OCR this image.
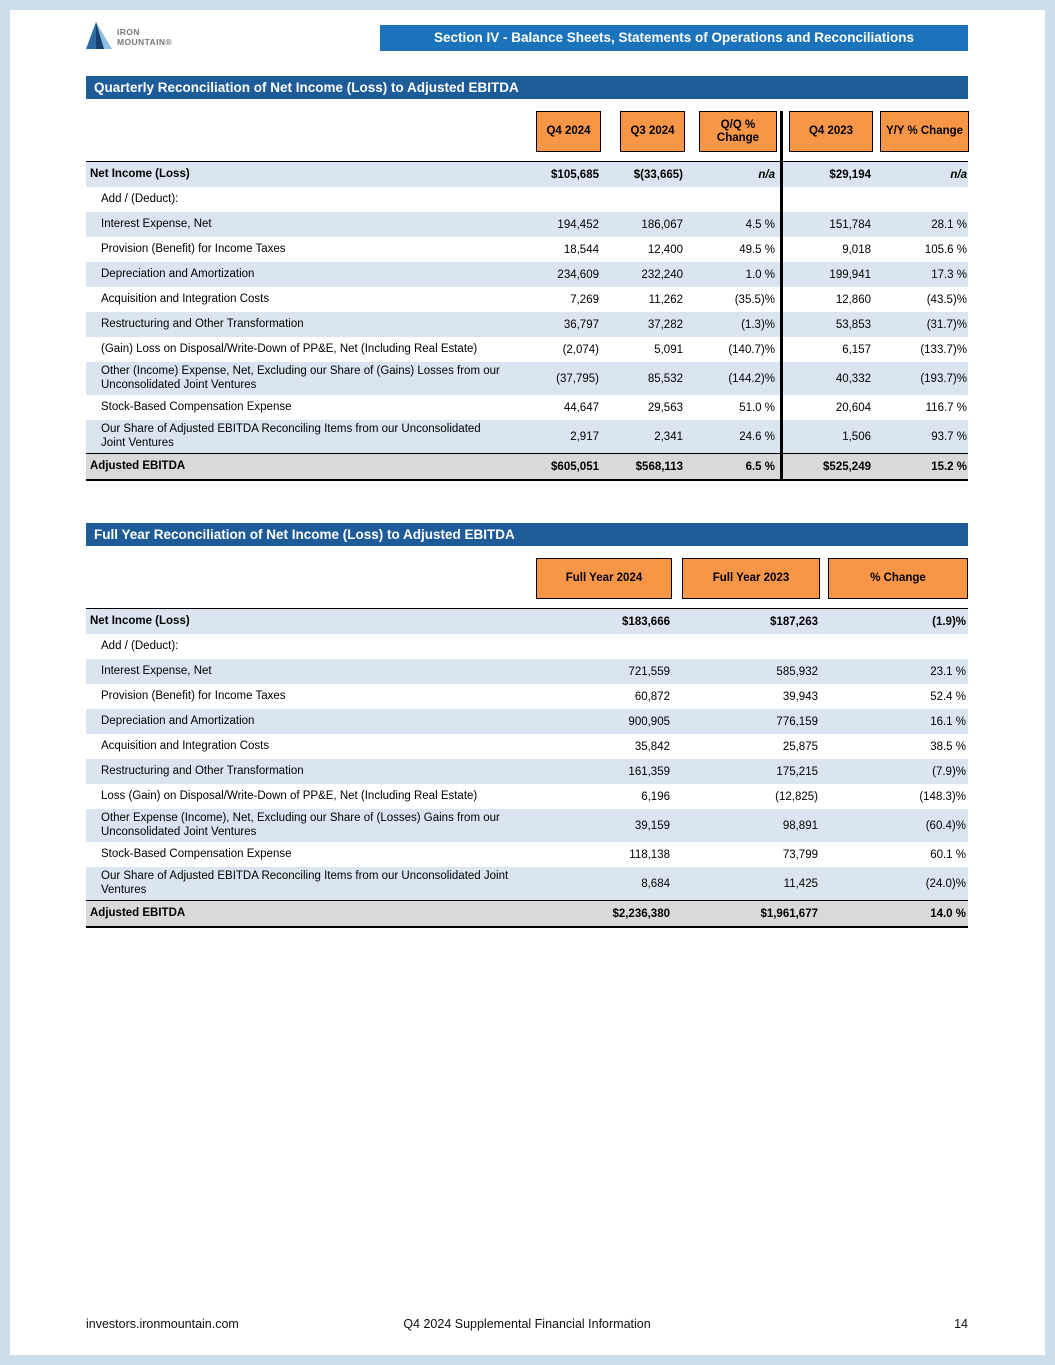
IRON
MOUNTAIN®	Section IV - Balance Sheets, Statements of Operations and Reconciliations
Quarterly Reconciliation of Net Income (Loss) to Adjusted EBITDA
Q4 2024	Q3 2024
Q/Q % Change
Q4 2023	Y/Y % Change
Net Income (Loss)	$105,685	$(33,665)	n/a	$29,194	n/a
Add / (Deduct):
Interest Expense, Net	194,452	186,067	4.5 %	151,784	28.1 %
Provision (Benefit) for Income Taxes	18,544	12,400	49.5 %	9,018	105.6 %
Depreciation and Amortization	234,609	232,240	1.0 %	199,941	17.3 %
Acquisition and Integration Costs	7,269	11,262	(35.5)%	12,860	(43.5)%
Restructuring and Other Transformation	36,797	37,282	(1.3)%	53,853	(31.7)%
(Gain) Loss on Disposal/Write-Down of PP&E, Net (Including Real Estate)	(2,074)	5,091	(140.7)%	6,157	(133.7)%
Other (Income) Expense, Net, Excluding our Share of (Gains) Losses from our Unconsolidated Joint Ventures	(37,795)	85,532	(144.2)%	40,332	(193.7)%
Stock-Based Compensation Expense	44,647	29,563	51.0 %	20,604	116.7 %
Our Share of Adjusted EBITDA Reconciling Items from our Unconsolidated Joint Ventures	2,917	2,341	24.6 %	1,506	93.7 %
Adjusted EBITDA	$605,051	$568,113	6.5 %	$525,249	15.2 %
Full Year Reconciliation of Net Income (Loss) to Adjusted EBITDA
Full Year 2024	Full Year 2023	% Change
Net Income (Loss)	$183,666	$187,263	(1.9)%
Add / (Deduct):
Interest Expense, Net	721,559	585,932	23.1 %
Provision (Benefit) for Income Taxes	60,872	39,943	52.4 %
Depreciation and Amortization	900,905	776,159	16.1 %
Acquisition and Integration Costs	35,842	25,875	38.5 %
Restructuring and Other Transformation	161,359	175,215	(7.9)%
Loss (Gain) on Disposal/Write-Down of PP&E, Net (Including Real Estate)	6,196	(12,825)	(148.3)%
Other Expense (Income), Net, Excluding our Share of (Losses) Gains from our Unconsolidated Joint Ventures	39,159	98,891	(60.4)%
Stock-Based Compensation Expense	118,138	73,799	60.1 %
Our Share of Adjusted EBITDA Reconciling Items from our Unconsolidated Joint Ventures	8,684	11,425	(24.0)%
Adjusted EBITDA	$2,236,380	$1,961,677	14.0 %
Q4 2024 Supplemental Financial Information
investors.ironmountain.com	14
